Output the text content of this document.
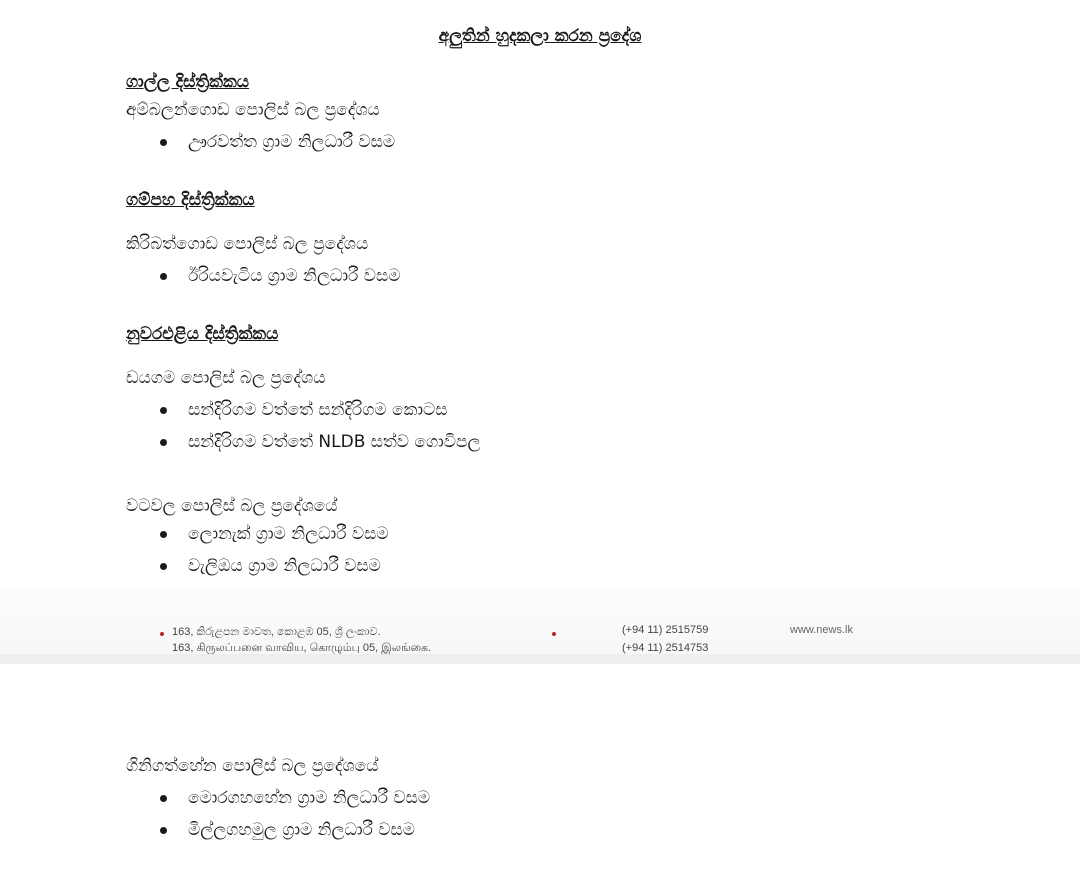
අලුතින් හුදකලා කරන ප්‍රදේශ
ගාල්ල දිස්ත්‍රික්කය
අම්බලන්ගොඩ පොලිස් බල ප්‍රදේශය
ඌරවත්ත ග්‍රාම නිලධාරී වසම
ගම්පහ දිස්ත්‍රික්කය
කිරිබත්ගොඩ පොලිස් බල ප්‍රදේශය
ඊරියවැටිය ග්‍රාම නිලධාරී වසම
නුවරඑළිය දිස්ත්‍රික්කය
ඩයගම පොලිස් බල ප්‍රදේශය
සන්දිරිගම වත්තේ සන්දිරිගම කොටස
සන්දිරිගම වත්තේ NLDB සත්ව ගොවිපල
වටවල පොලිස් බල ප්‍රදේශයේ
ලොනැක් ග්‍රාම නිලධාරී වසම
වැලිඔය ග්‍රාම නිලධාරී වසම
163, කිරුළපන මාවත, කොළඹ 05, ශ්‍රී ලංකාව.
163, கிருலப்பனை வாவிய, கொழும்பு 05, இலங்கை.
(+94 11) 2515759
(+94 11) 2514753
www.news.lk
ගිනිගත්හේන පොලිස් බල ප්‍රදේශයේ
මොරගහහේන ග්‍රාම නිලධාරී වසම
මිල්ලගහමුල ග්‍රාම නිලධාරී වසම
